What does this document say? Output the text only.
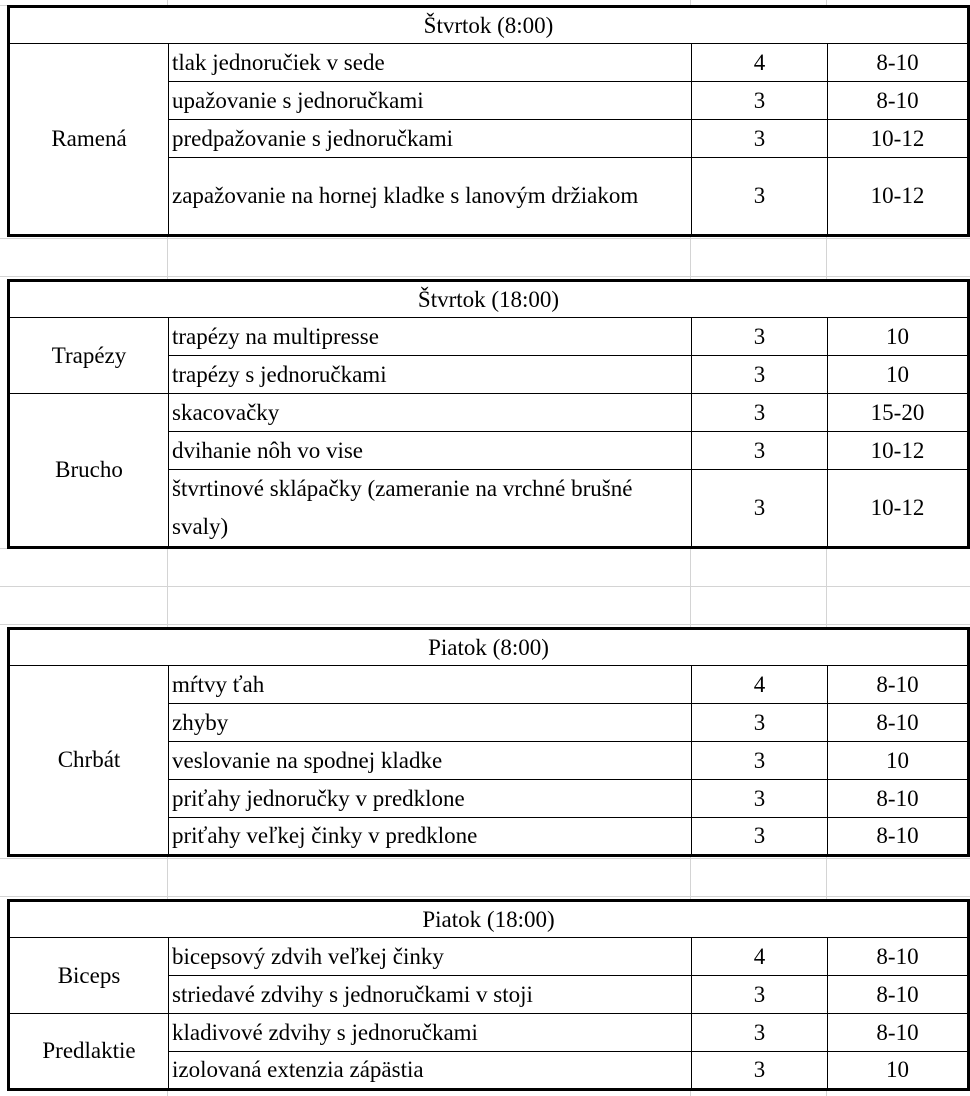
Štvrtok (8:00)			
Ramená	tlak jednoručiek v sede	4	8-10
	upažovanie s jednoručkami	3	8-10
	predpažovanie s jednoručkami	3	10-12
	zapažovanie na hornej kladke s lanovým držiakom	3	10-12
Štvrtok (18:00)			
Trapézy	trapézy na multipresse	3	10
	trapézy s jednoručkami	3	10
Brucho	skacovačky	3	15-20
	dvihanie nôh vo vise	3	10-12
	štvrtinové sklápačky (zameranie na vrchné brušné svaly)	3	10-12
Piatok (8:00)			
Chrbát	mŕtvy ťah	4	8-10
	zhyby	3	8-10
	veslovanie na spodnej kladke	3	10
	priťahy jednoručky v predklone	3	8-10
	priťahy veľkej činky v predklone	3	8-10
Piatok (18:00)			
Biceps	bicepsový zdvih veľkej činky	4	8-10
	striedavé zdvihy s jednoručkami v stoji	3	8-10
Predlaktie	kladivové zdvihy s jednoručkami	3	8-10
	izolovaná extenzia zápästia	3	10
